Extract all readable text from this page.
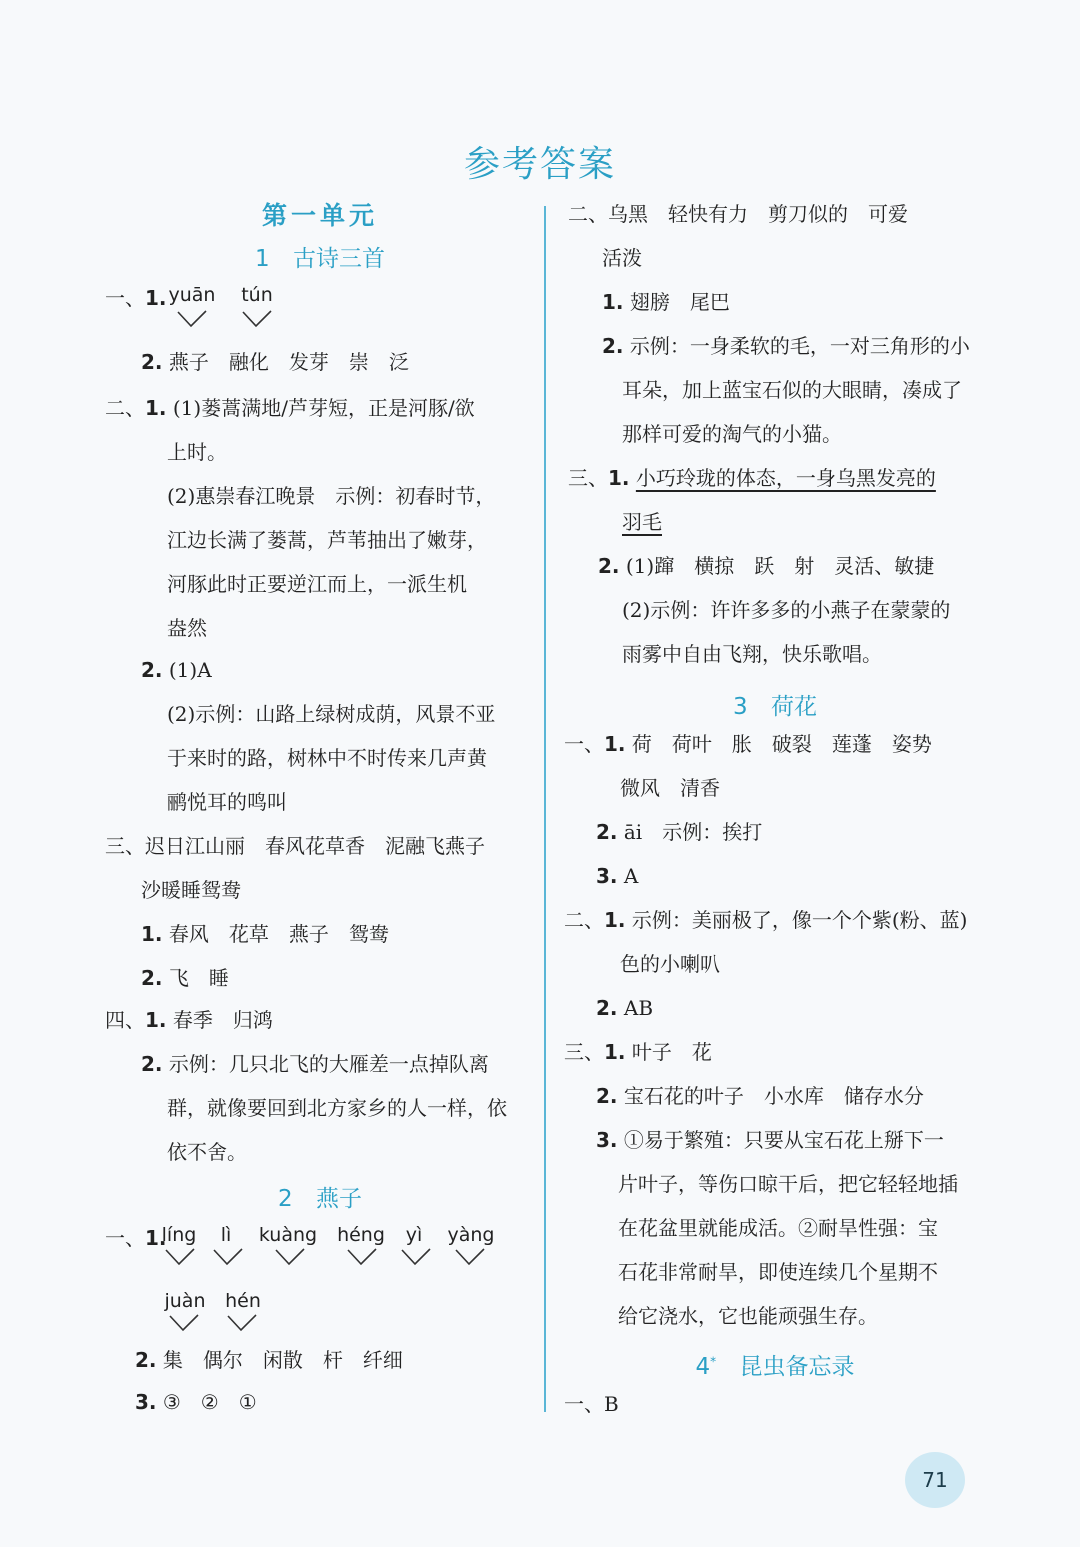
参考答案
第一单元
1 古诗三首
一、1. yuān tún
2. 燕子　融化　发芽　崇　泛
二、1. (1)蒌蒿满地/芦芽短，正是河豚/欲
上时。
(2)惠崇春江晚景　示例：初春时节，
江边长满了蒌蒿，芦苇抽出了嫩芽，
河豚此时正要逆江而上，一派生机
盎然
2. (1)A
(2)示例：山路上绿树成荫，风景不亚
于来时的路，树林中不时传来几声黄
鹂悦耳的鸣叫
三、迟日江山丽　春风花草香　泥融飞燕子
沙暖睡鸳鸯
1. 春风　花草　燕子　鸳鸯
2. 飞　睡
四、1. 春季　归鸿
2. 示例：几只北飞的大雁差一点掉队离
群，就像要回到北方家乡的人一样，依
依不舍。
2 燕子
一、1.
líng	lì	kuàng héng	yì	yàng
juàn	hén
2. 集　偶尔　闲散　杆　纤细
3. ③　②　①
二、乌黑　轻快有力　剪刀似的　可爱
活泼
1. 翅膀　尾巴
2. 示例：一身柔软的毛，一对三角形的小
耳朵，加上蓝宝石似的大眼睛，凑成了
那样可爱的淘气的小猫。
三、1. 小巧玲珑的体态，一身乌黑发亮的
羽毛
2. (1)蹿　横掠　跃　射　灵活、敏捷
(2)示例：许许多多的小燕子在蒙蒙的
雨雾中自由飞翔，快乐歌唱。
3 荷花
一、1. 荷　荷叶　胀　破裂　莲蓬　姿势
微风　清香
2. āi　示例：挨打
3. A
二、1. 示例：美丽极了，像一个个紫(粉、蓝)
色的小喇叭
2. AB
三、1. 叶子　花
2. 宝石花的叶子　小水库　储存水分
3. ①易于繁殖：只要从宝石花上掰下一
片叶子，等伤口晾干后，把它轻轻地插
在花盆里就能成活。②耐旱性强：宝
石花非常耐旱，即使连续几个星期不
给它浇水，它也能顽强生存。
4* 昆虫备忘录
一、B
71
